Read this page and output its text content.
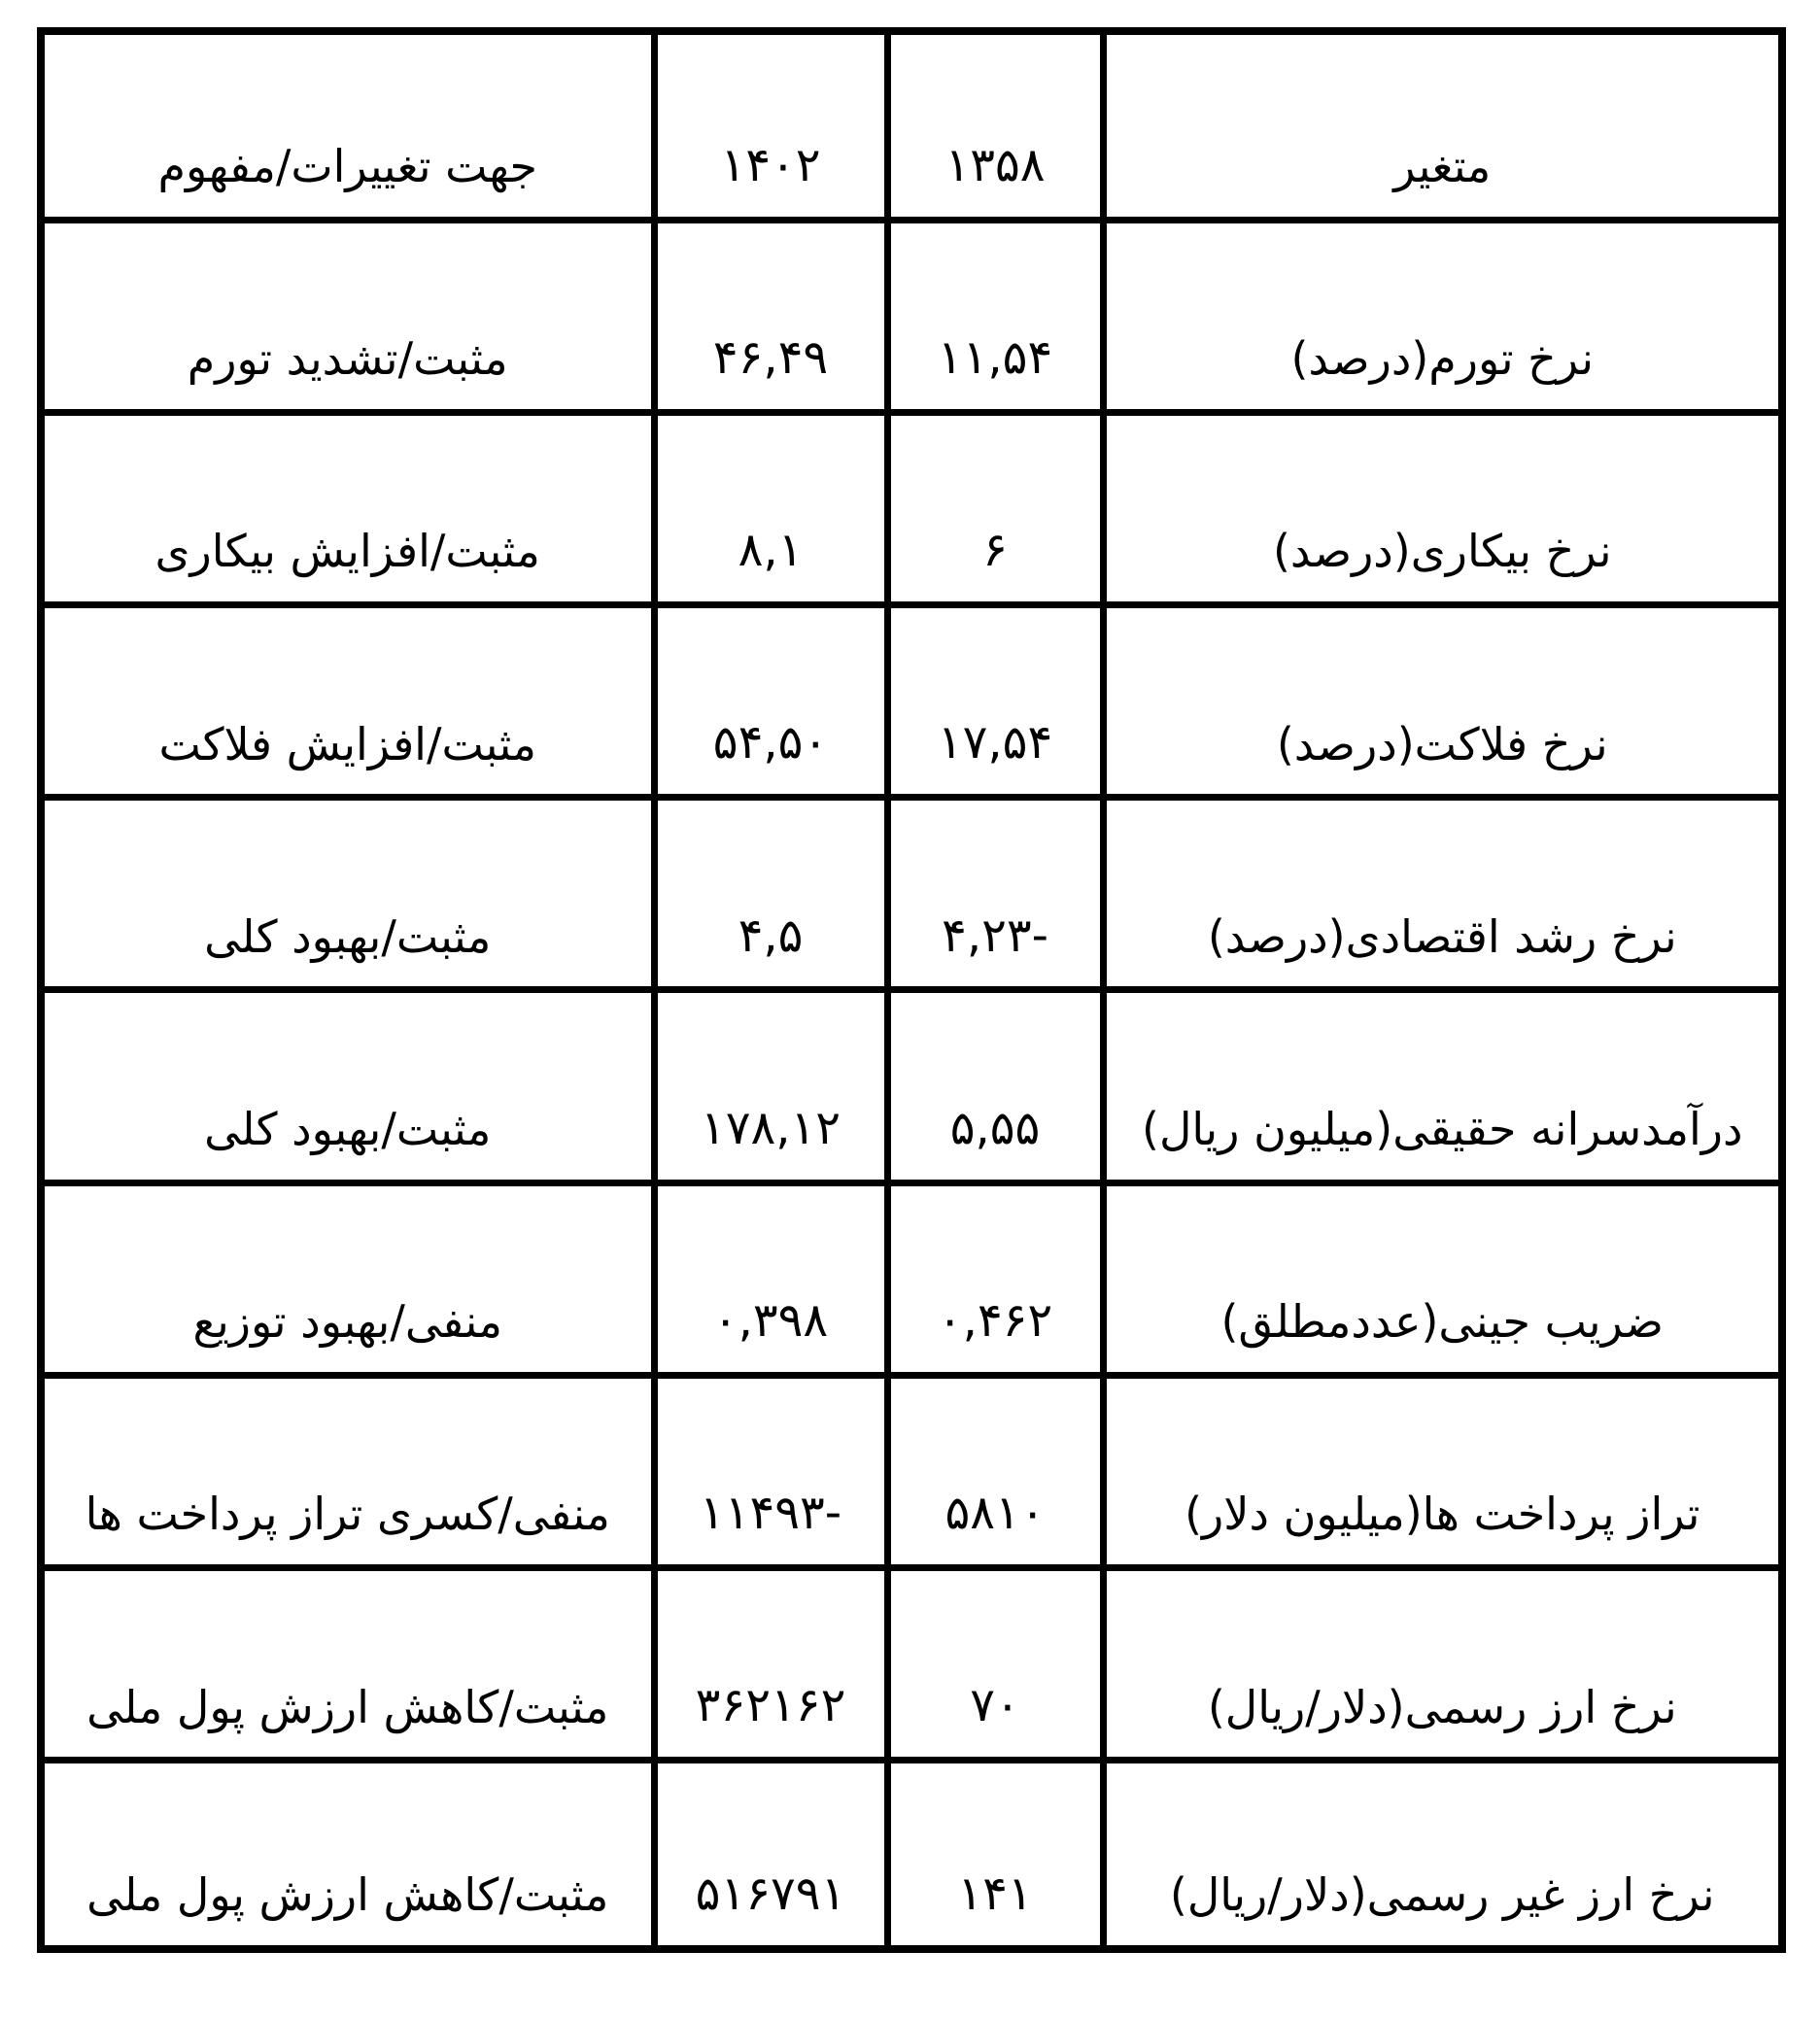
متغیر	۱۳۵۸	۱۴۰۲	جهت تغییرات/مفهوم
نرخ تورم(درصد)	۱۱,۵۴	۴۶,۴۹	مثبت/تشدید تورم
نرخ بیکاری(درصد)	۶	۸,۱	مثبت/افزایش بیکاری
نرخ فلاکت(درصد)	۱۷,۵۴	۵۴,۵۰	مثبت/افزایش فلاکت
نرخ رشد اقتصادی(درصد)	-۴,۲۳	۴,۵	مثبت/بهبود کلی
درآمدسرانه حقیقی(میلیون ریال)	۵,۵۵	۱۷۸,۱۲	مثبت/بهبود کلی
ضریب جینی(عددمطلق)	۰,۴۶۲	۰,۳۹۸	منفی/بهبود توزیع
تراز پرداخت ها(میلیون دلار)	۵۸۱۰	-۱۱۴۹۳	منفی/کسری تراز پرداخت ها
نرخ ارز رسمی(دلار/ریال)	۷۰	۳۶۲۱۶۲	مثبت/کاهش ارزش پول ملی
نرخ ارز غیر رسمی(دلار/ریال)	۱۴۱	۵۱۶۷۹۱	مثبت/کاهش ارزش پول ملی
